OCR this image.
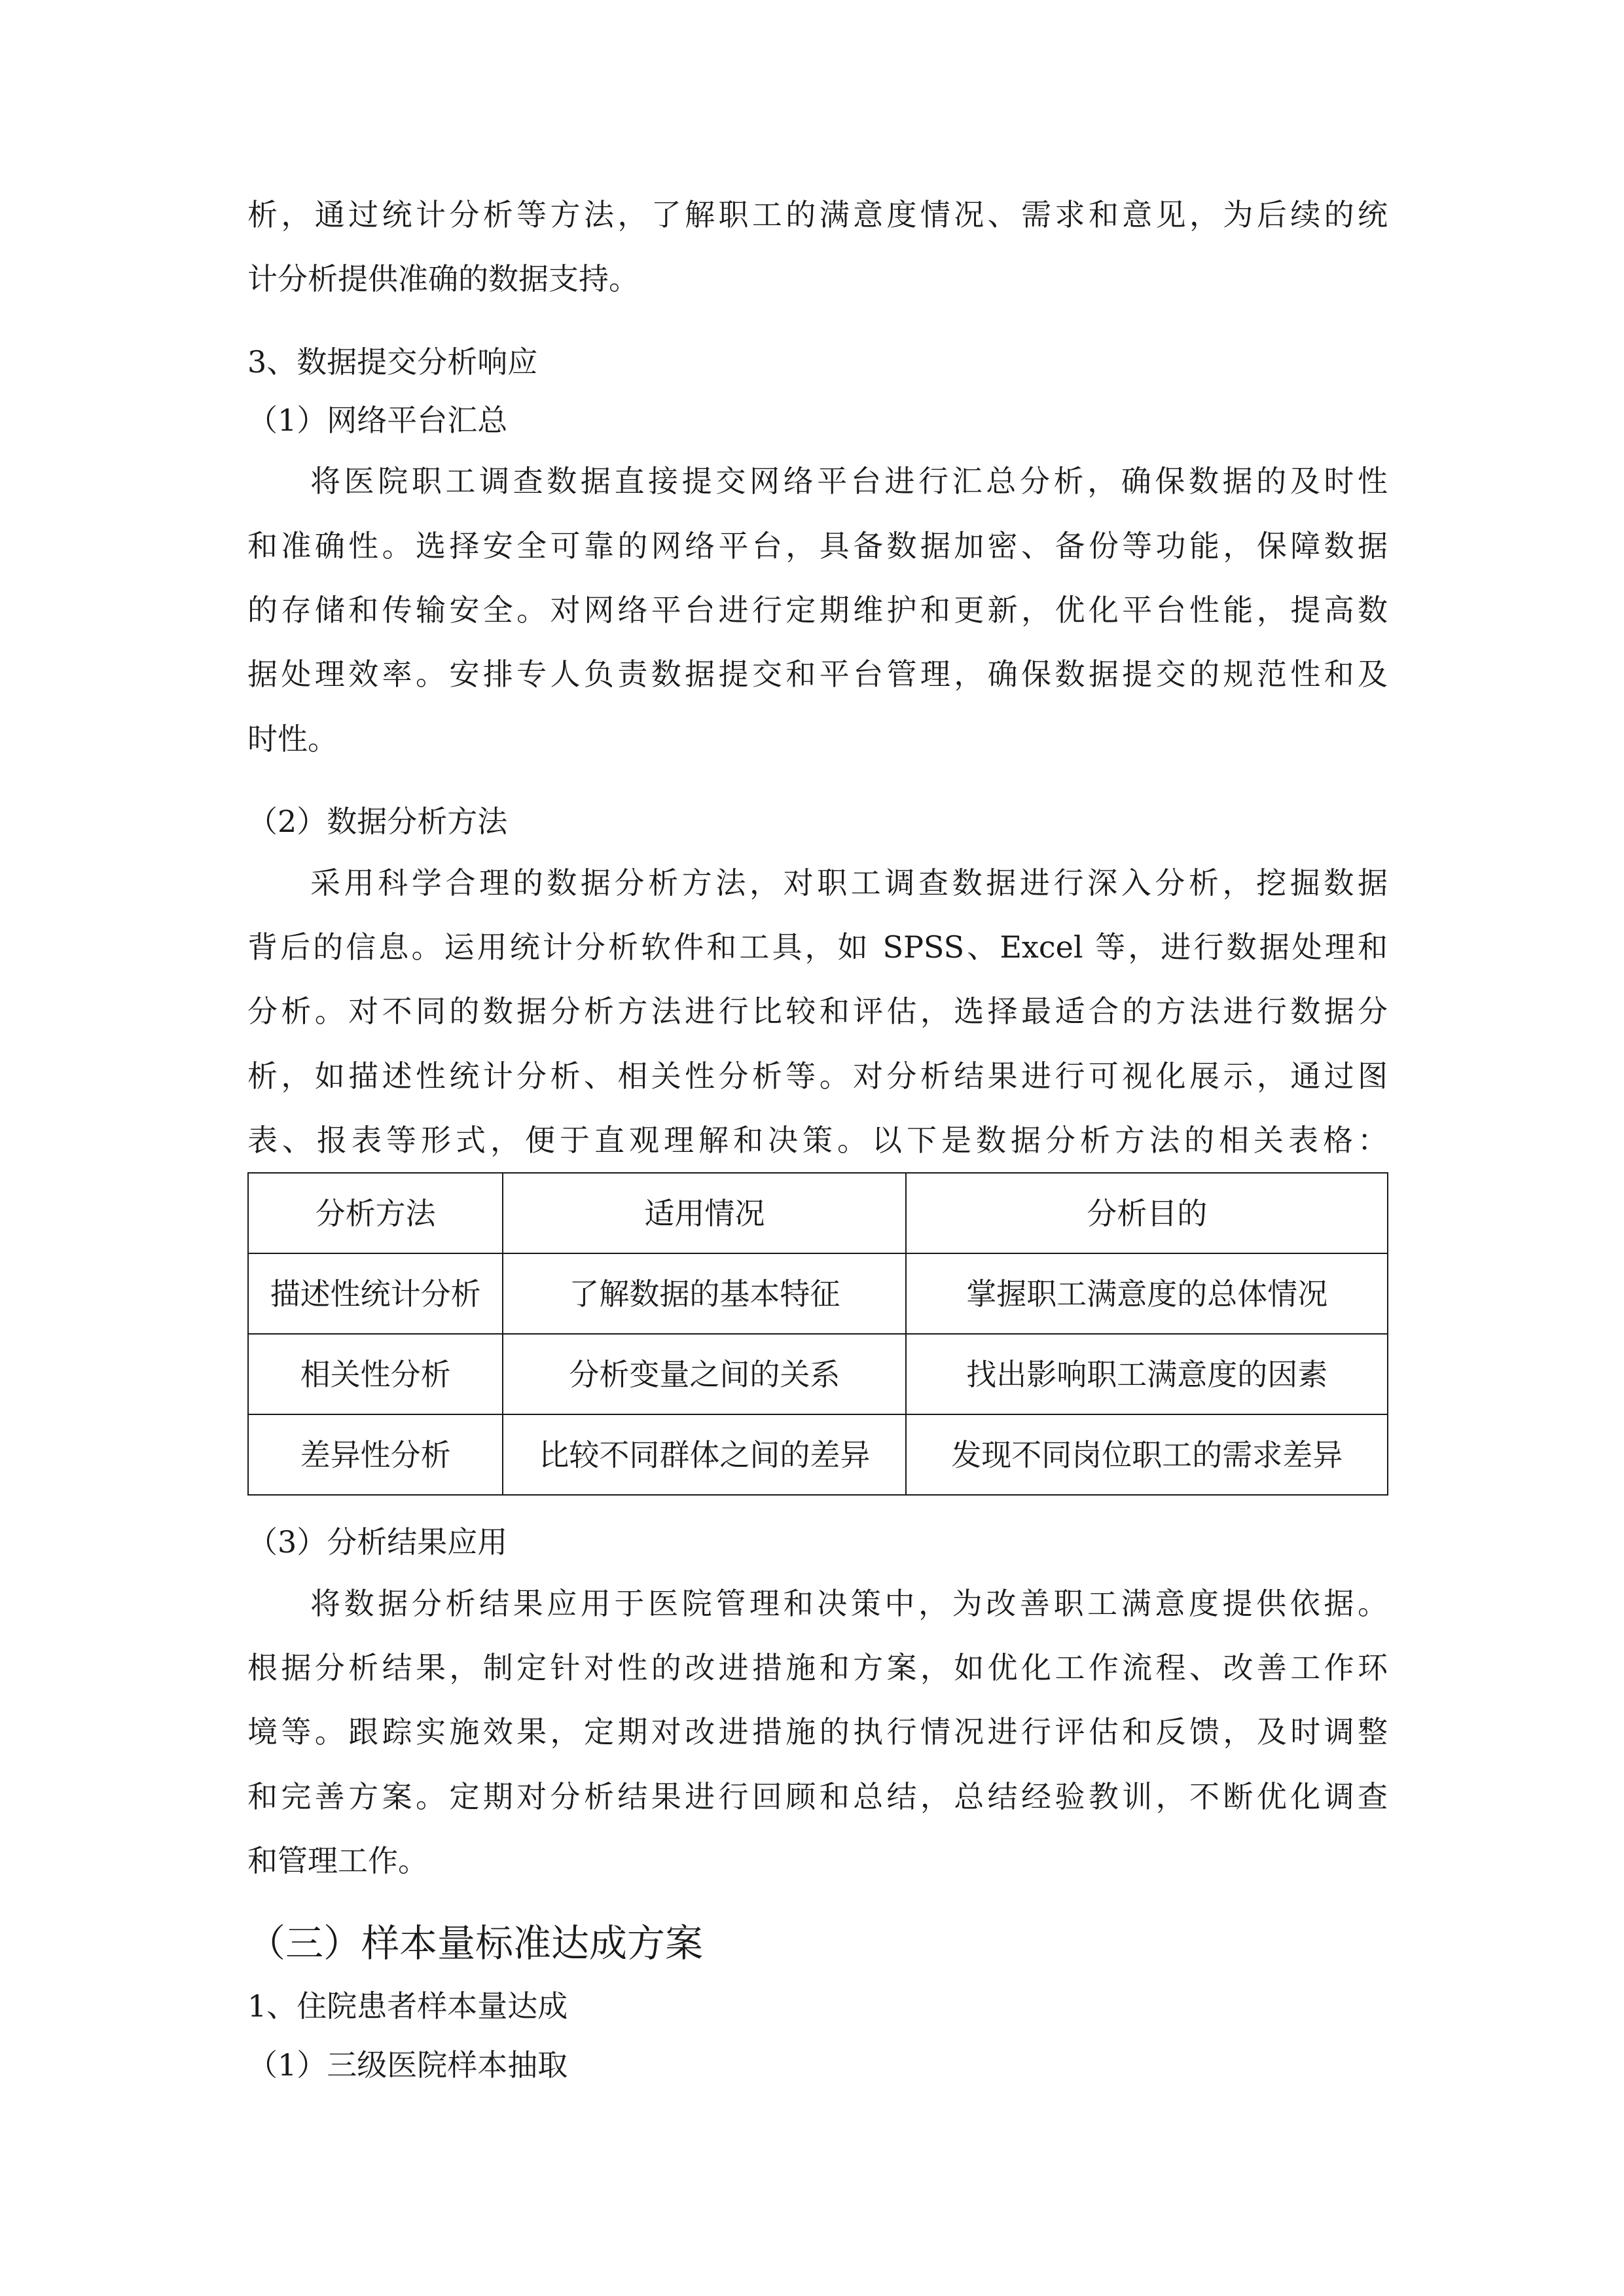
析，通过统计分析等方法，了解职工的满意度情况、需求和意见，为后续的统
计分析提供准确的数据支持。
3、数据提交分析响应
（1）网络平台汇总
将医院职工调查数据直接提交网络平台进行汇总分析，确保数据的及时性
和准确性。选择安全可靠的网络平台，具备数据加密、备份等功能，保障数据
的存储和传输安全。对网络平台进行定期维护和更新，优化平台性能，提高数
据处理效率。安排专人负责数据提交和平台管理，确保数据提交的规范性和及
时性。
（2）数据分析方法
采用科学合理的数据分析方法，对职工调查数据进行深入分析，挖掘数据
背后的信息。运用统计分析软件和工具，如 SPSS、Excel 等，进行数据处理和
分析。对不同的数据分析方法进行比较和评估，选择最适合的方法进行数据分
析，如描述性统计分析、相关性分析等。对分析结果进行可视化展示，通过图
表、报表等形式，便于直观理解和决策。以下是数据分析方法的相关表格：
分析方法	适用情况	分析目的
描述性统计分析	了解数据的基本特征	掌握职工满意度的总体情况
相关性分析	分析变量之间的关系	找出影响职工满意度的因素
差异性分析	比较不同群体之间的差异	发现不同岗位职工的需求差异
（3）分析结果应用
将数据分析结果应用于医院管理和决策中，为改善职工满意度提供依据。
根据分析结果，制定针对性的改进措施和方案，如优化工作流程、改善工作环
境等。跟踪实施效果，定期对改进措施的执行情况进行评估和反馈，及时调整
和完善方案。定期对分析结果进行回顾和总结，总结经验教训，不断优化调查
和管理工作。
（三）样本量标准达成方案
1、住院患者样本量达成
（1）三级医院样本抽取
